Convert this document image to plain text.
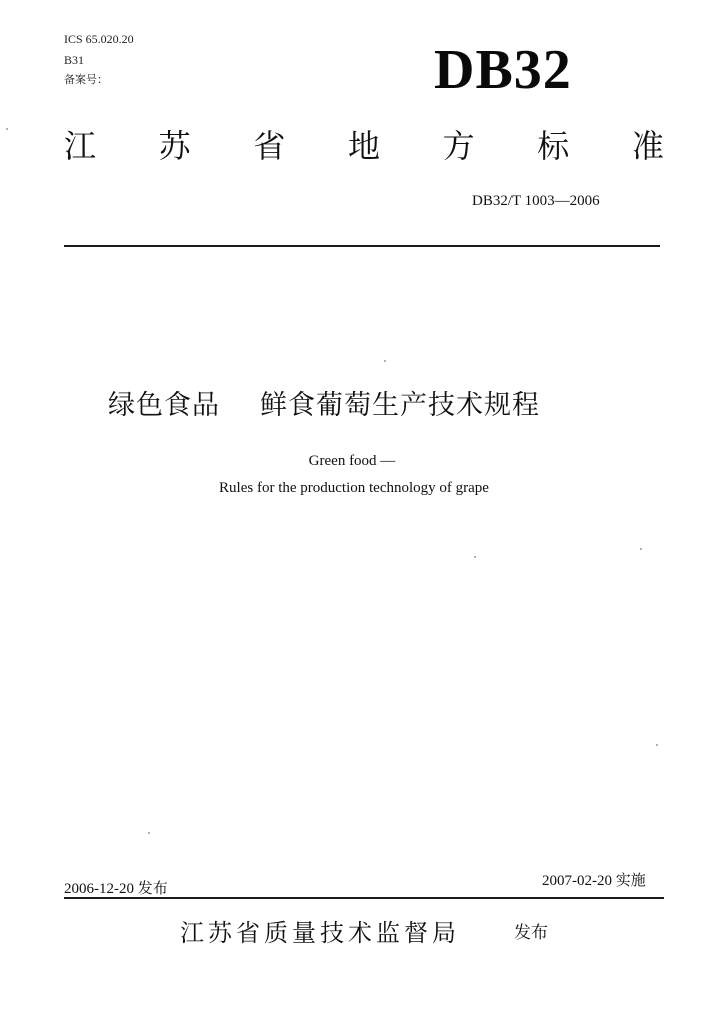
ICS 65.020.20
B31
备案号：	DB32
江 苏 省 地 方 标 准
DB32/T 1003—2006
绿色食品 鲜食葡萄生产技术规程
Green food —
Rules for the production technology of grape
2006-12-20 发布	2007-02-20 实施
江苏省质量技术监督局	发布
